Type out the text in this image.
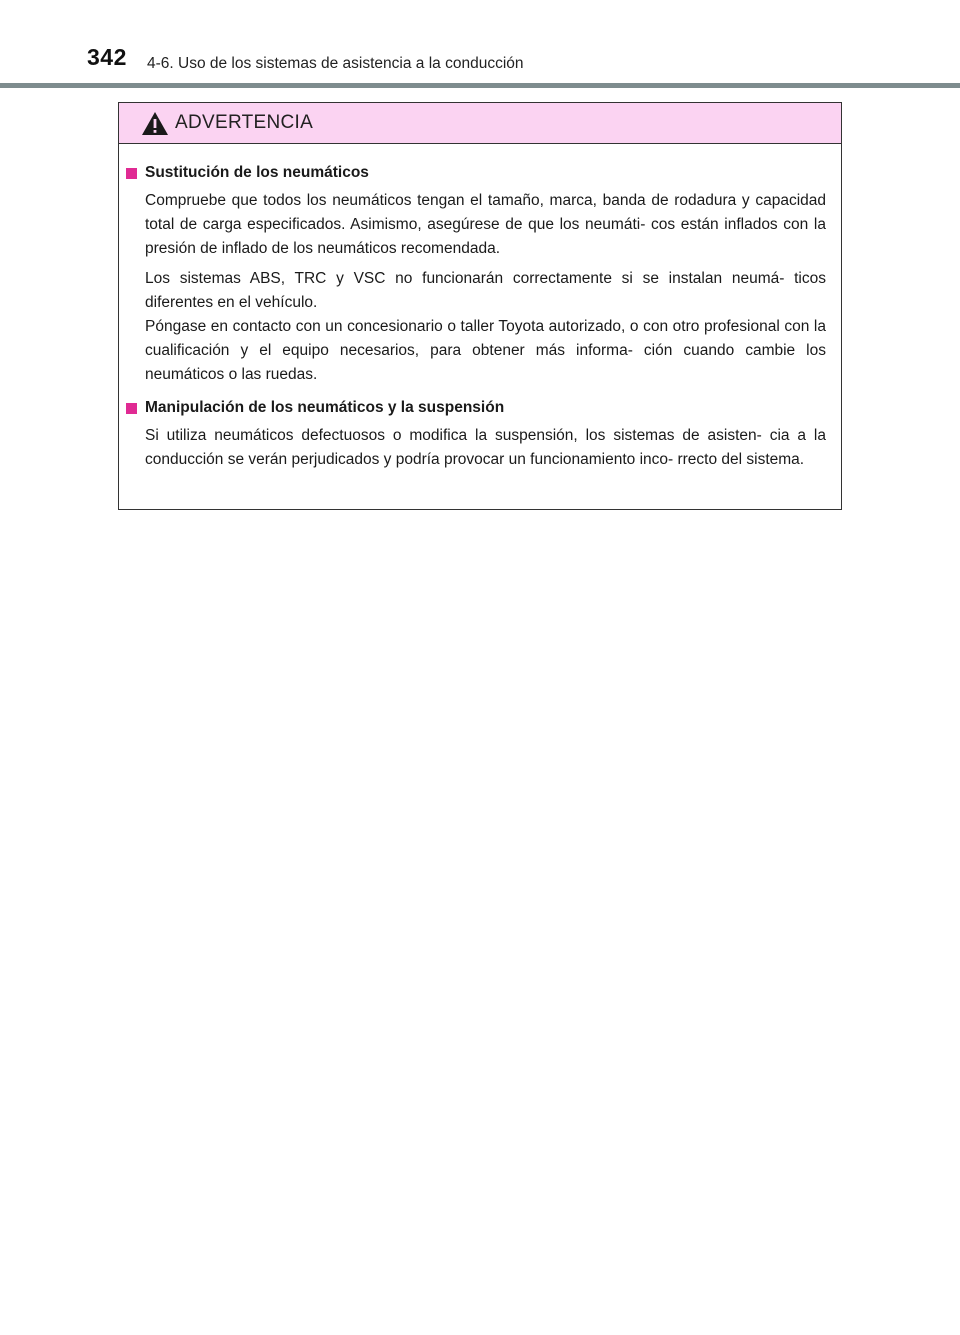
342 4-6. Uso de los sistemas de asistencia a la conducción
ADVERTENCIA
Sustitución de los neumáticos

Compruebe que todos los neumáticos tengan el tamaño, marca, banda de rodadura y capacidad total de carga especificados. Asimismo, asegúrese de que los neumáti- cos están inflados con la presión de inflado de los neumáticos recomendada.

Los sistemas ABS, TRC y VSC no funcionarán correctamente si se instalan neumá- ticos diferentes en el vehículo.

Póngase en contacto con un concesionario o taller Toyota autorizado, o con otro profesional con la cualificación y el equipo necesarios, para obtener más informa- ción cuando cambie los neumáticos o las ruedas.

Manipulación de los neumáticos y la suspensión

Si utiliza neumáticos defectuosos o modifica la suspensión, los sistemas de asisten- cia a la conducción se verán perjudicados y podría provocar un funcionamiento inco- rrecto del sistema.
